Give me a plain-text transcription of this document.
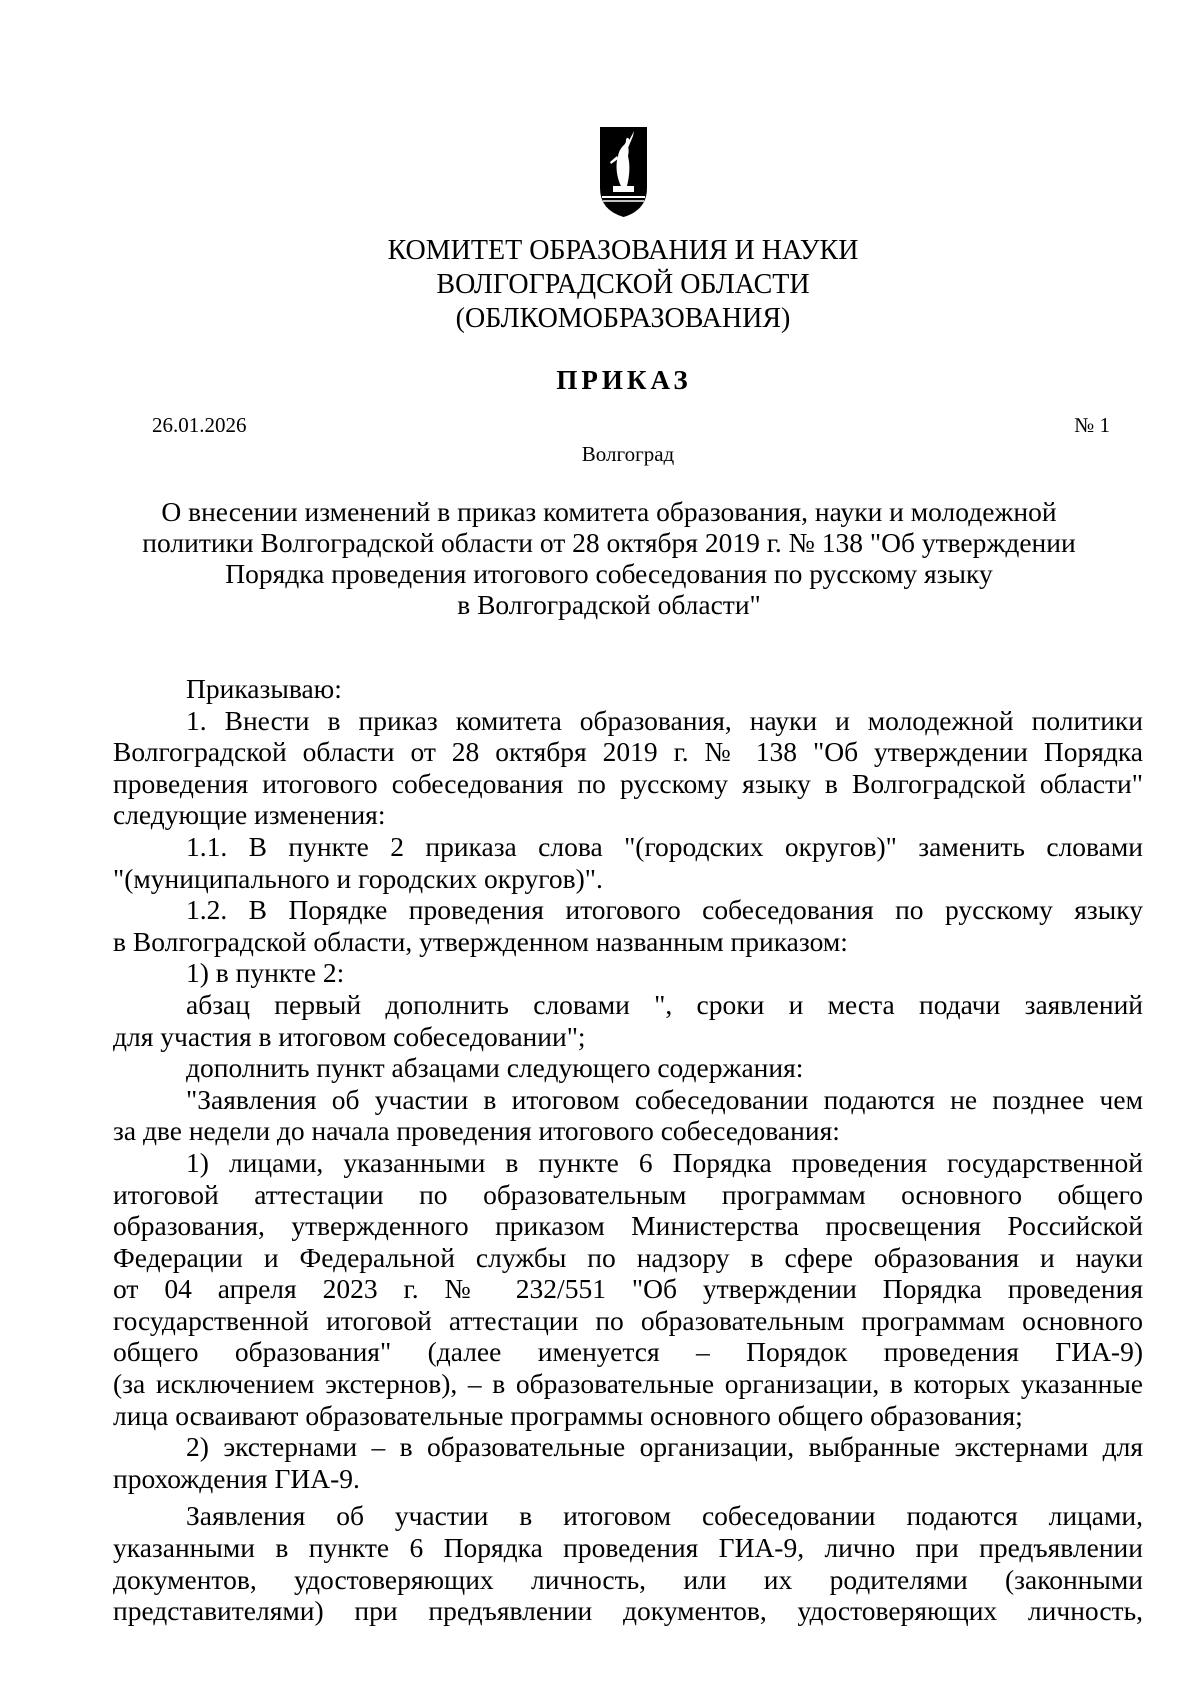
КОМИТЕТ ОБРАЗОВАНИЯ И НАУКИ
ВОЛГОГРАДСКОЙ ОБЛАСТИ
(ОБЛКОМОБРАЗОВАНИЯ)
ПРИКАЗ
26.01.2026	№ 1
Волгоград
О внесении изменений в приказ комитета образования, науки и молодежной
политики Волгоградской области от 28 октября 2019 г. № 138 "Об утверждении
Порядка проведения итогового собеседования по русскому языку
в Волгоградской области"
Приказываю:
1. Внести в приказ комитета образования, науки и молодежной политики
Волгоградской области от 28 октября 2019 г. № 138 "Об утверждении Порядка
проведения итогового собеседования по русскому языку в Волгоградской области"
следующие изменения:
1.1. В пункте 2 приказа слова "(городских округов)" заменить словами
"(муниципального и городских округов)".
1.2. В Порядке проведения итогового собеседования по русскому языку
в Волгоградской области, утвержденном названным приказом:
1) в пункте 2:
абзац первый дополнить словами ", сроки и места подачи заявлений
для участия в итоговом собеседовании";
дополнить пункт абзацами следующего содержания:
"Заявления об участии в итоговом собеседовании подаются не позднее чем
за две недели до начала проведения итогового собеседования:
1) лицами, указанными в пункте 6 Порядка проведения государственной
итоговой аттестации по образовательным программам основного общего
образования, утвержденного приказом Министерства просвещения Российской
Федерации и Федеральной службы по надзору в сфере образования и науки
от 04 апреля 2023 г. № 232/551 "Об утверждении Порядка проведения
государственной итоговой аттестации по образовательным программам основного
общего образования" (далее именуется – Порядок проведения ГИА-9)
(за исключением экстернов), – в образовательные организации, в которых указанные
лица осваивают образовательные программы основного общего образования;
2) экстернами – в образовательные организации, выбранные экстернами для
прохождения ГИА-9.
Заявления об участии в итоговом собеседовании подаются лицами,
указанными в пункте 6 Порядка проведения ГИА-9, лично при предъявлении
документов, удостоверяющих личность, или их родителями (законными
представителями) при предъявлении документов, удостоверяющих личность,
